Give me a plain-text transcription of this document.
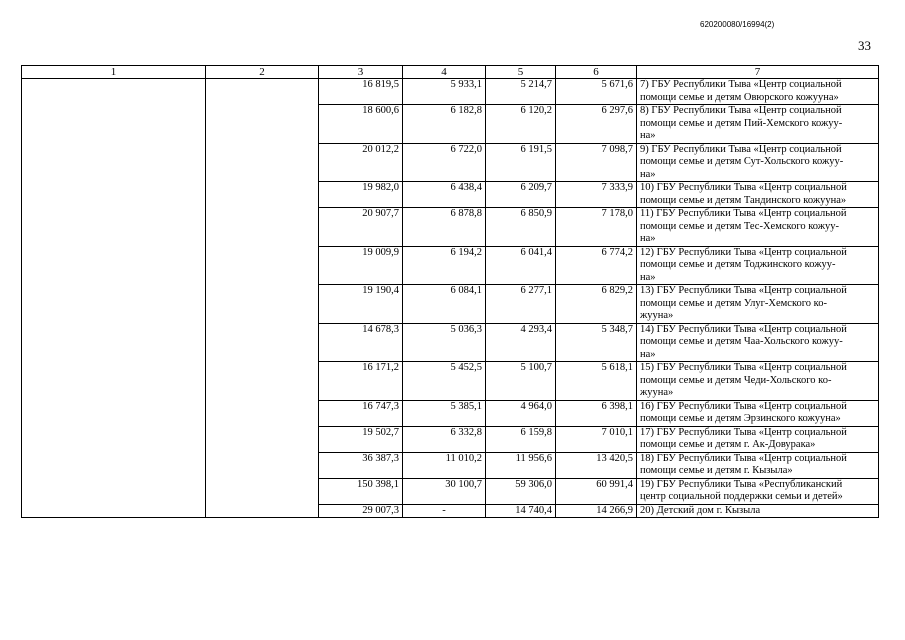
620200080/16994(2)
33
1	2	3	4	5	6	7
		16 819,5	5 933,1	5 214,7	5 671,6	7) ГБУ Республики Тыва «Центр социальной
помощи семье и детям Овюрского кожууна»

		18 600,6	6 182,8	6 120,2	6 297,6	8) ГБУ Республики Тыва «Центр социальной
помощи семье и детям Пий-Хемского кожуу-
на»

		20 012,2	6 722,0	6 191,5	7 098,7	9) ГБУ Республики Тыва «Центр социальной
помощи семье и детям Сут-Хольского кожуу-
на»

		19 982,0	6 438,4	6 209,7	7 333,9	10) ГБУ Республики Тыва «Центр социальной
помощи семье и детям Тандинского кожууна»

		20 907,7	6 878,8	6 850,9	7 178,0	11) ГБУ Республики Тыва «Центр социальной
помощи семье и детям Тес-Хемского кожуу-
на»

		19 009,9	6 194,2	6 041,4	6 774,2	12) ГБУ Республики Тыва «Центр социальной
помощи семье и детям Тоджинского кожуу-
на»

		19 190,4	6 084,1	6 277,1	6 829,2	13) ГБУ Республики Тыва «Центр социальной
помощи семье и детям Улуг-Хемского ко-
жууна»

		14 678,3	5 036,3	4 293,4	5 348,7	14) ГБУ Республики Тыва «Центр социальной
помощи семье и детям Чаа-Хольского кожуу-
на»

		16 171,2	5 452,5	5 100,7	5 618,1	15) ГБУ Республики Тыва «Центр социальной
помощи семье и детям Чеди-Хольского ко-
жууна»

		16 747,3	5 385,1	4 964,0	6 398,1	16) ГБУ Республики Тыва «Центр социальной
помощи семье и детям Эрзинского кожууна»

		19 502,7	6 332,8	6 159,8	7 010,1	17) ГБУ Республики Тыва «Центр социальной
помощи семье и детям г. Ак-Довурака»

		36 387,3	11 010,2	11 956,6	13 420,5	18) ГБУ Республики Тыва «Центр социальной
помощи семье и детям г. Кызыла»

		150 398,1	30 100,7	59 306,0	60 991,4	19) ГБУ Республики Тыва «Республиканский
центр социальной поддержки семьи и детей»

		29 007,3	-	14 740,4	14 266,9	20) Детский дом г. Кызыла
